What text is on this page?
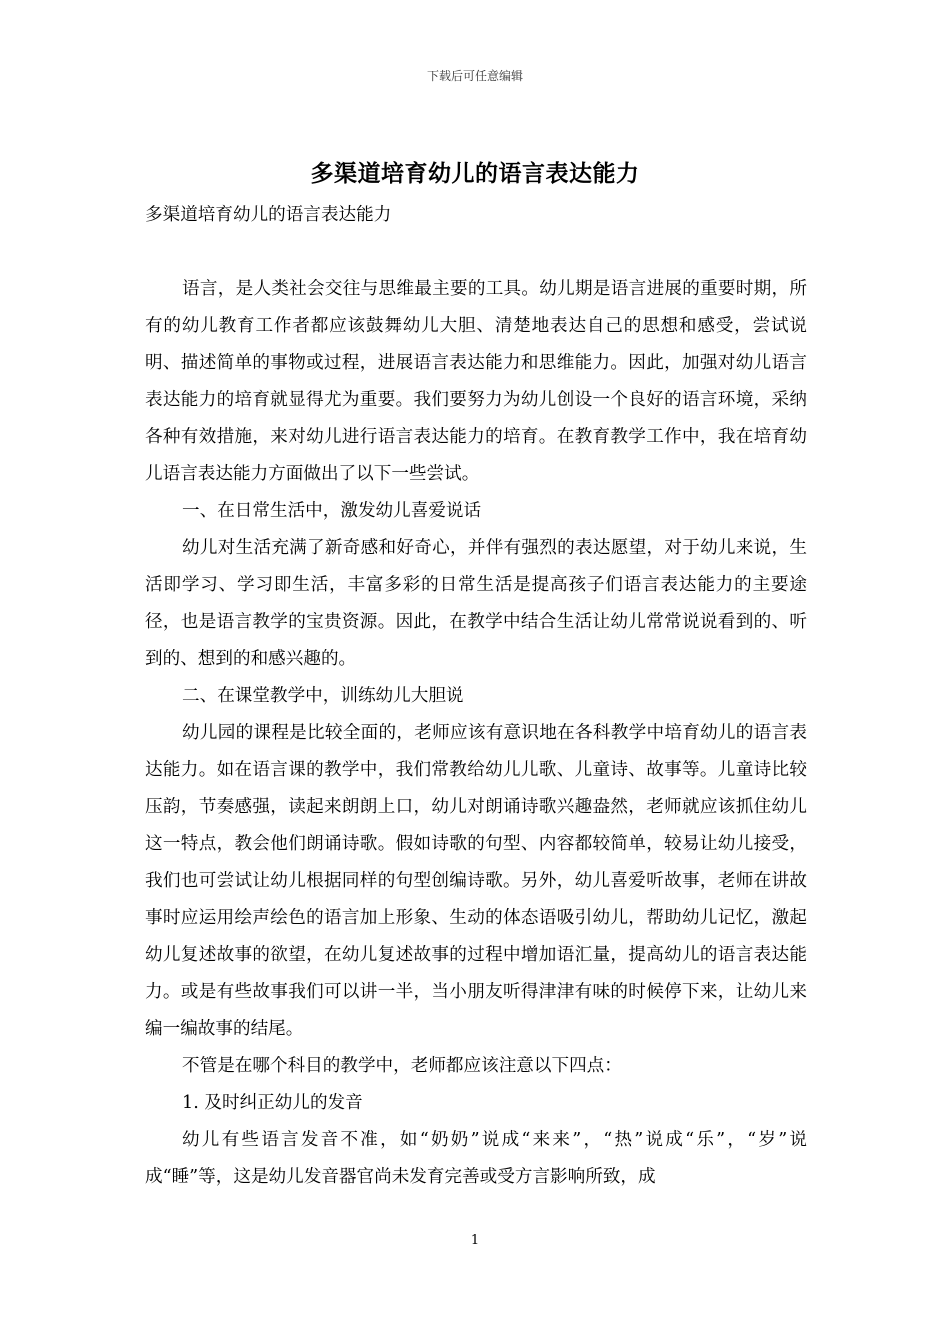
下载后可任意编辑
多渠道培育幼儿的语言表达能力

多渠道培育幼儿的语言表达能力

语言，是人类社会交往与思维最主要的工具。幼儿期是语言进展的重要时期，所有的幼儿教育工作者都应该鼓舞幼儿大胆、清楚地表达自己的思想和感受，尝试说明、描述简单的事物或过程，进展语言表达能力和思维能力。因此，加强对幼儿语言表达能力的培育就显得尤为重要。我们要努力为幼儿创设一个良好的语言环境，采纳各种有效措施，来对幼儿进行语言表达能力的培育。在教育教学工作中，我在培育幼儿语言表达能力方面做出了以下一些尝试。

一、在日常生活中，激发幼儿喜爱说话

幼儿对生活充满了新奇感和好奇心，并伴有强烈的表达愿望，对于幼儿来说，生活即学习、学习即生活，丰富多彩的日常生活是提高孩子们语言表达能力的主要途径，也是语言教学的宝贵资源。因此，在教学中结合生活让幼儿常常说说看到的、听到的、想到的和感兴趣的。

二、在课堂教学中，训练幼儿大胆说

幼儿园的课程是比较全面的，老师应该有意识地在各科教学中培育幼儿的语言表达能力。如在语言课的教学中，我们常教给幼儿儿歌、儿童诗、故事等。儿童诗比较压韵，节奏感强，读起来朗朗上口，幼儿对朗诵诗歌兴趣盎然，老师就应该抓住幼儿这一特点，教会他们朗诵诗歌。假如诗歌的句型、内容都较简单，较易让幼儿接受，我们也可尝试让幼儿根据同样的句型创编诗歌。另外，幼儿喜爱听故事，老师在讲故事时应运用绘声绘色的语言加上形象、生动的体态语吸引幼儿，帮助幼儿记忆，激起幼儿复述故事的欲望，在幼儿复述故事的过程中增加语汇量，提高幼儿的语言表达能力。或是有些故事我们可以讲一半，当小朋友听得津津有味的时候停下来，让幼儿来编一编故事的结尾。

不管是在哪个科目的教学中，老师都应该注意以下四点：

1. 及时纠正幼儿的发音

幼儿有些语言发音不准，如“奶奶”说成“来来”，“热”说成“乐”，“岁”说成“睡”等，这是幼儿发音器官尚未发育完善或受方言影响所致，成

1
